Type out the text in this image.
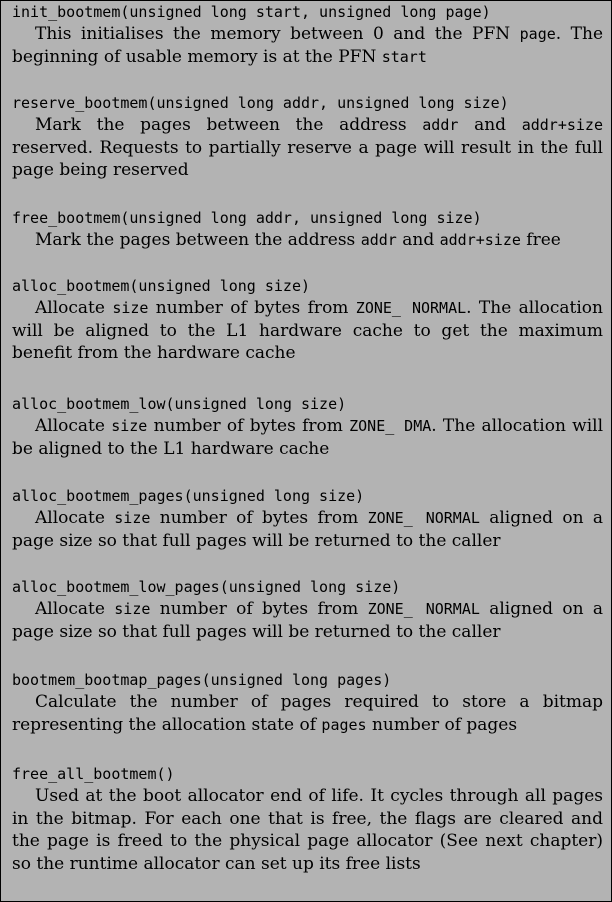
init_bootmem(unsigned long start, unsigned long page)

This initialises the memory between 0 and the PFN page. The beginning of usable memory is at the PFN start

reserve_bootmem(unsigned long addr, unsigned long size)

Mark the pages between the address addr and addr+size reserved. Requests to partially reserve a page will result in the full page being reserved

free_bootmem(unsigned long addr, unsigned long size)

Mark the pages between the address addr and addr+size free

alloc_bootmem(unsigned long size)

Allocate size number of bytes from ZONE_ NORMAL. The allocation will be aligned to the L1 hardware cache to get the maximum benefit from the hardware cache

alloc_bootmem_low(unsigned long size)

Allocate size number of bytes from ZONE_ DMA. The allocation will be aligned to the L1 hardware cache

alloc_bootmem_pages(unsigned long size)

Allocate size number of bytes from ZONE_ NORMAL aligned on a page size so that full pages will be returned to the caller

alloc_bootmem_low_pages(unsigned long size)

Allocate size number of bytes from ZONE_ NORMAL aligned on a page size so that full pages will be returned to the caller

bootmem_bootmap_pages(unsigned long pages)

Calculate the number of pages required to store a bitmap representing the allocation state of pages number of pages

free_all_bootmem()

Used at the boot allocator end of life. It cycles through all pages in the bitmap. For each one that is free, the flags are cleared and the page is freed to the physical page allocator (See next chapter) so the runtime allocator can set up its free lists
